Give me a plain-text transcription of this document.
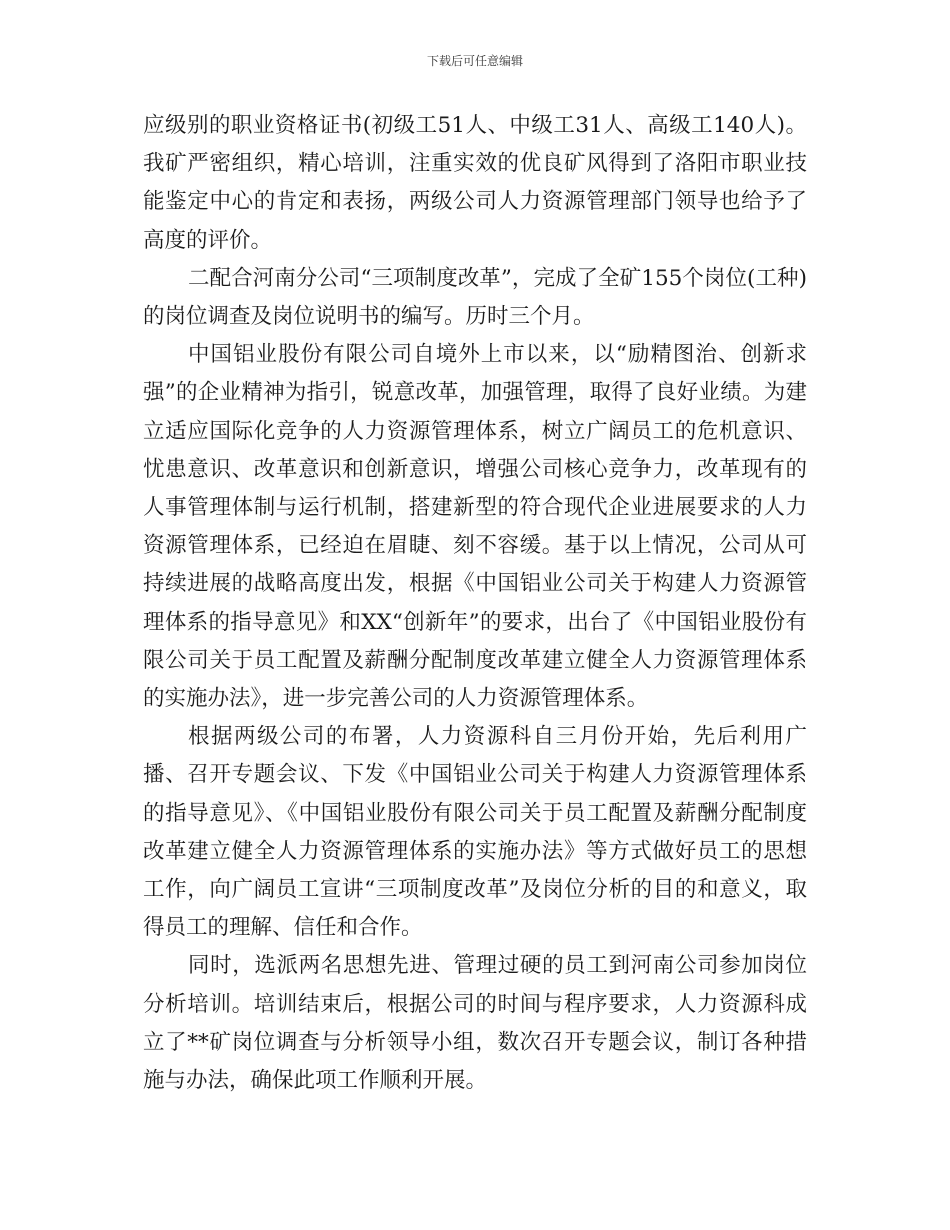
下载后可任意编辑

应级别的职业资格证书(初级工51人、中级工31人、高级工140人)。我矿严密组织，精心培训，注重实效的优良矿风得到了洛阳市职业技能鉴定中心的肯定和表扬，两级公司人力资源管理部门领导也给予了高度的评价。

二配合河南分公司“三项制度改革”，完成了全矿155个岗位(工种)的岗位调查及岗位说明书的编写。历时三个月。

中国铝业股份有限公司自境外上市以来，以“励精图治、创新求强”的企业精神为指引，锐意改革，加强管理，取得了良好业绩。为建立适应国际化竞争的人力资源管理体系，树立广阔员工的危机意识、忧患意识、改革意识和创新意识，增强公司核心竞争力，改革现有的人事管理体制与运行机制，搭建新型的符合现代企业进展要求的人力资源管理体系，已经迫在眉睫、刻不容缓。基于以上情况，公司从可持续进展的战略高度出发，根据《中国铝业公司关于构建人力资源管理体系的指导意见》和XX“创新年”的要求，出台了《中国铝业股份有限公司关于员工配置及薪酬分配制度改革建立健全人力资源管理体系的实施办法》，进一步完善公司的人力资源管理体系。

根据两级公司的布署，人力资源科自三月份开始，先后利用广播、召开专题会议、下发《中国铝业公司关于构建人力资源管理体系的指导意见》、《中国铝业股份有限公司关于员工配置及薪酬分配制度改革建立健全人力资源管理体系的实施办法》等方式做好员工的思想工作，向广阔员工宣讲“三项制度改革”及岗位分析的目的和意义，取得员工的理解、信任和合作。

同时，选派两名思想先进、管理过硬的员工到河南公司参加岗位分析培训。培训结束后，根据公司的时间与程序要求，人力资源科成立了**矿岗位调查与分析领导小组，数次召开专题会议，制订各种措施与办法，确保此项工作顺利开展。
